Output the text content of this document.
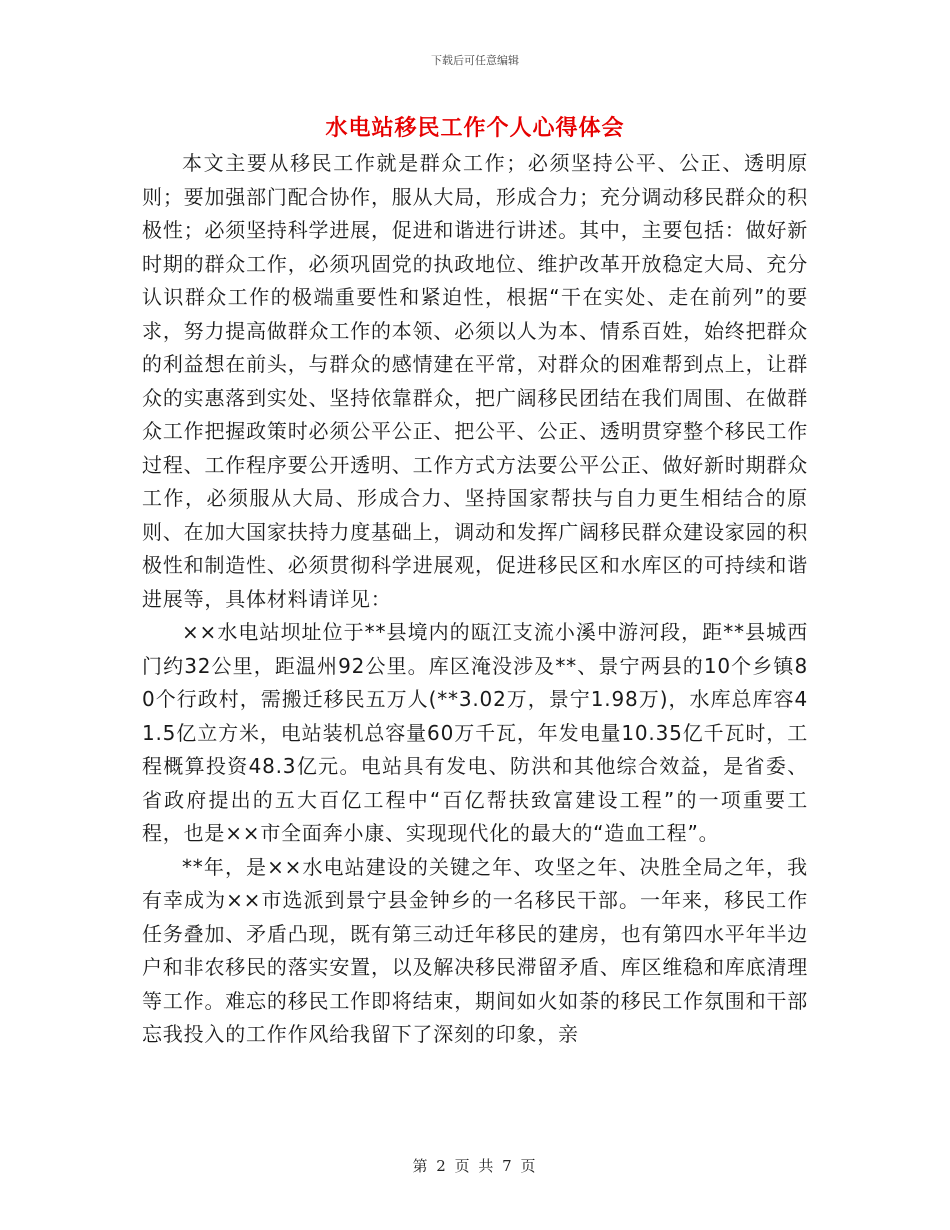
下载后可任意编辑
水电站移民工作个人心得体会

本文主要从移民工作就是群众工作；必须坚持公平、公正、透明原则；要加强部门配合协作，服从大局，形成合力；充分调动移民群众的积极性；必须坚持科学进展，促进和谐进行讲述。其中，主要包括：做好新时期的群众工作，必须巩固党的执政地位、维护改革开放稳定大局、充分认识群众工作的极端重要性和紧迫性，根据“干在实处、走在前列”的要求，努力提高做群众工作的本领、必须以人为本、情系百姓，始终把群众的利益想在前头，与群众的感情建在平常，对群众的困难帮到点上，让群众的实惠落到实处、坚持依靠群众，把广阔移民团结在我们周围、在做群众工作把握政策时必须公平公正、把公平、公正、透明贯穿整个移民工作过程、工作程序要公开透明、工作方式方法要公平公正、做好新时期群众工作，必须服从大局、形成合力、坚持国家帮扶与自力更生相结合的原则、在加大国家扶持力度基础上，调动和发挥广阔移民群众建设家园的积极性和制造性、必须贯彻科学进展观，促进移民区和水库区的可持续和谐进展等，具体材料请详见：

××水电站坝址位于**县境内的瓯江支流小溪中游河段，距**县城西门约32公里，距温州92公里。库区淹没涉及**、景宁两县的10个乡镇80个行政村，需搬迁移民五万人(**3.02万，景宁1.98万)，水库总库容41.5亿立方米，电站装机总容量60万千瓦，年发电量10.35亿千瓦时，工程概算投资48.3亿元。电站具有发电、防洪和其他综合效益，是省委、省政府提出的五大百亿工程中“百亿帮扶致富建设工程”的一项重要工程，也是××市全面奔小康、实现现代化的最大的“造血工程”。

**年，是××水电站建设的关键之年、攻坚之年、决胜全局之年，我有幸成为××市选派到景宁县金钟乡的一名移民干部。一年来，移民工作任务叠加、矛盾凸现，既有第三动迁年移民的建房，也有第四水平年半边户和非农移民的落实安置，以及解决移民滞留矛盾、库区维稳和库底清理等工作。难忘的移民工作即将结束，期间如火如荼的移民工作氛围和干部忘我投入的工作作风给我留下了深刻的印象，亲

第 2 页 共 7 页
